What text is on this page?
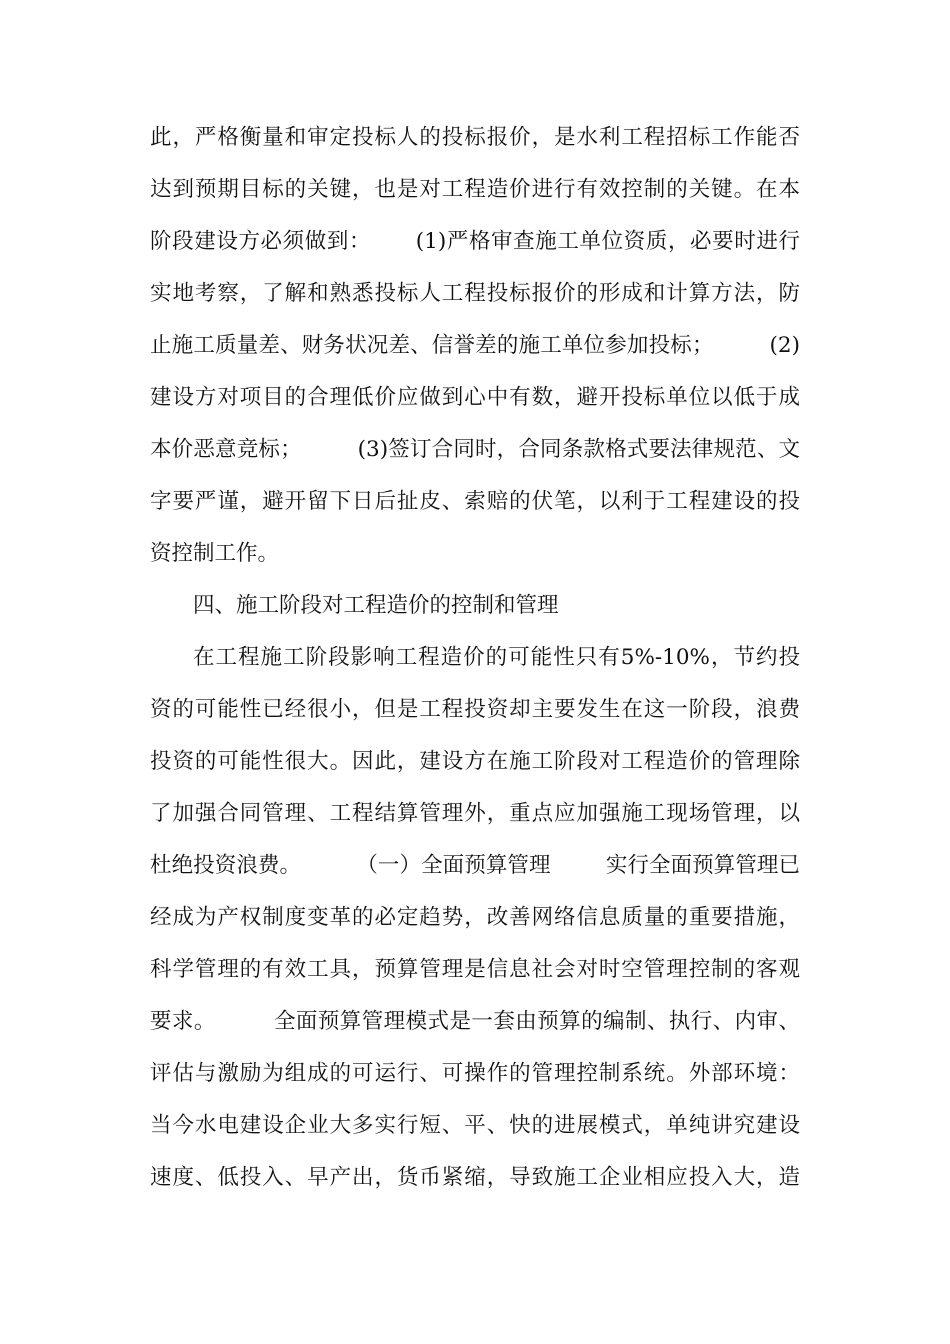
此，严格衡量和审定投标人的投标报价，是水利工程招标工作能否
达到预期目标的关键，也是对工程造价进行有效控制的关键。在本
阶段建设方必须做到：      (1)严格审查施工单位资质，必要时进行
实地考察，了解和熟悉投标人工程投标报价的形成和计算方法，防
止施工质量差、财务状况差、信誉差的施工单位参加投标；        (2)
建设方对项目的合理低价应做到心中有数，避开投标单位以低于成
本价恶意竞标；        (3)签订合同时，合同条款格式要法律规范、文
字要严谨，避开留下日后扯皮、索赔的伏笔，以利于工程建设的投
资控制工作。
四、施工阶段对工程造价的控制和管理
在工程施工阶段影响工程造价的可能性只有5%-10%，节约投
资的可能性已经很小，但是工程投资却主要发生在这一阶段，浪费
投资的可能性很大。因此，建设方在施工阶段对工程造价的管理除
了加强合同管理、工程结算管理外，重点应加强施工现场管理，以
杜绝投资浪费。        （一）全面预算管理        实行全面预算管理已
经成为产权制度变革的必定趋势，改善网络信息质量的重要措施，
科学管理的有效工具，预算管理是信息社会对时空管理控制的客观
要求。        全面预算管理模式是一套由预算的编制、执行、内审、
评估与激励为组成的可运行、可操作的管理控制系统。外部环境：
当今水电建设企业大多实行短、平、快的进展模式，单纯讲究建设
速度、低投入、早产出，货币紧缩，导致施工企业相应投入大，造
